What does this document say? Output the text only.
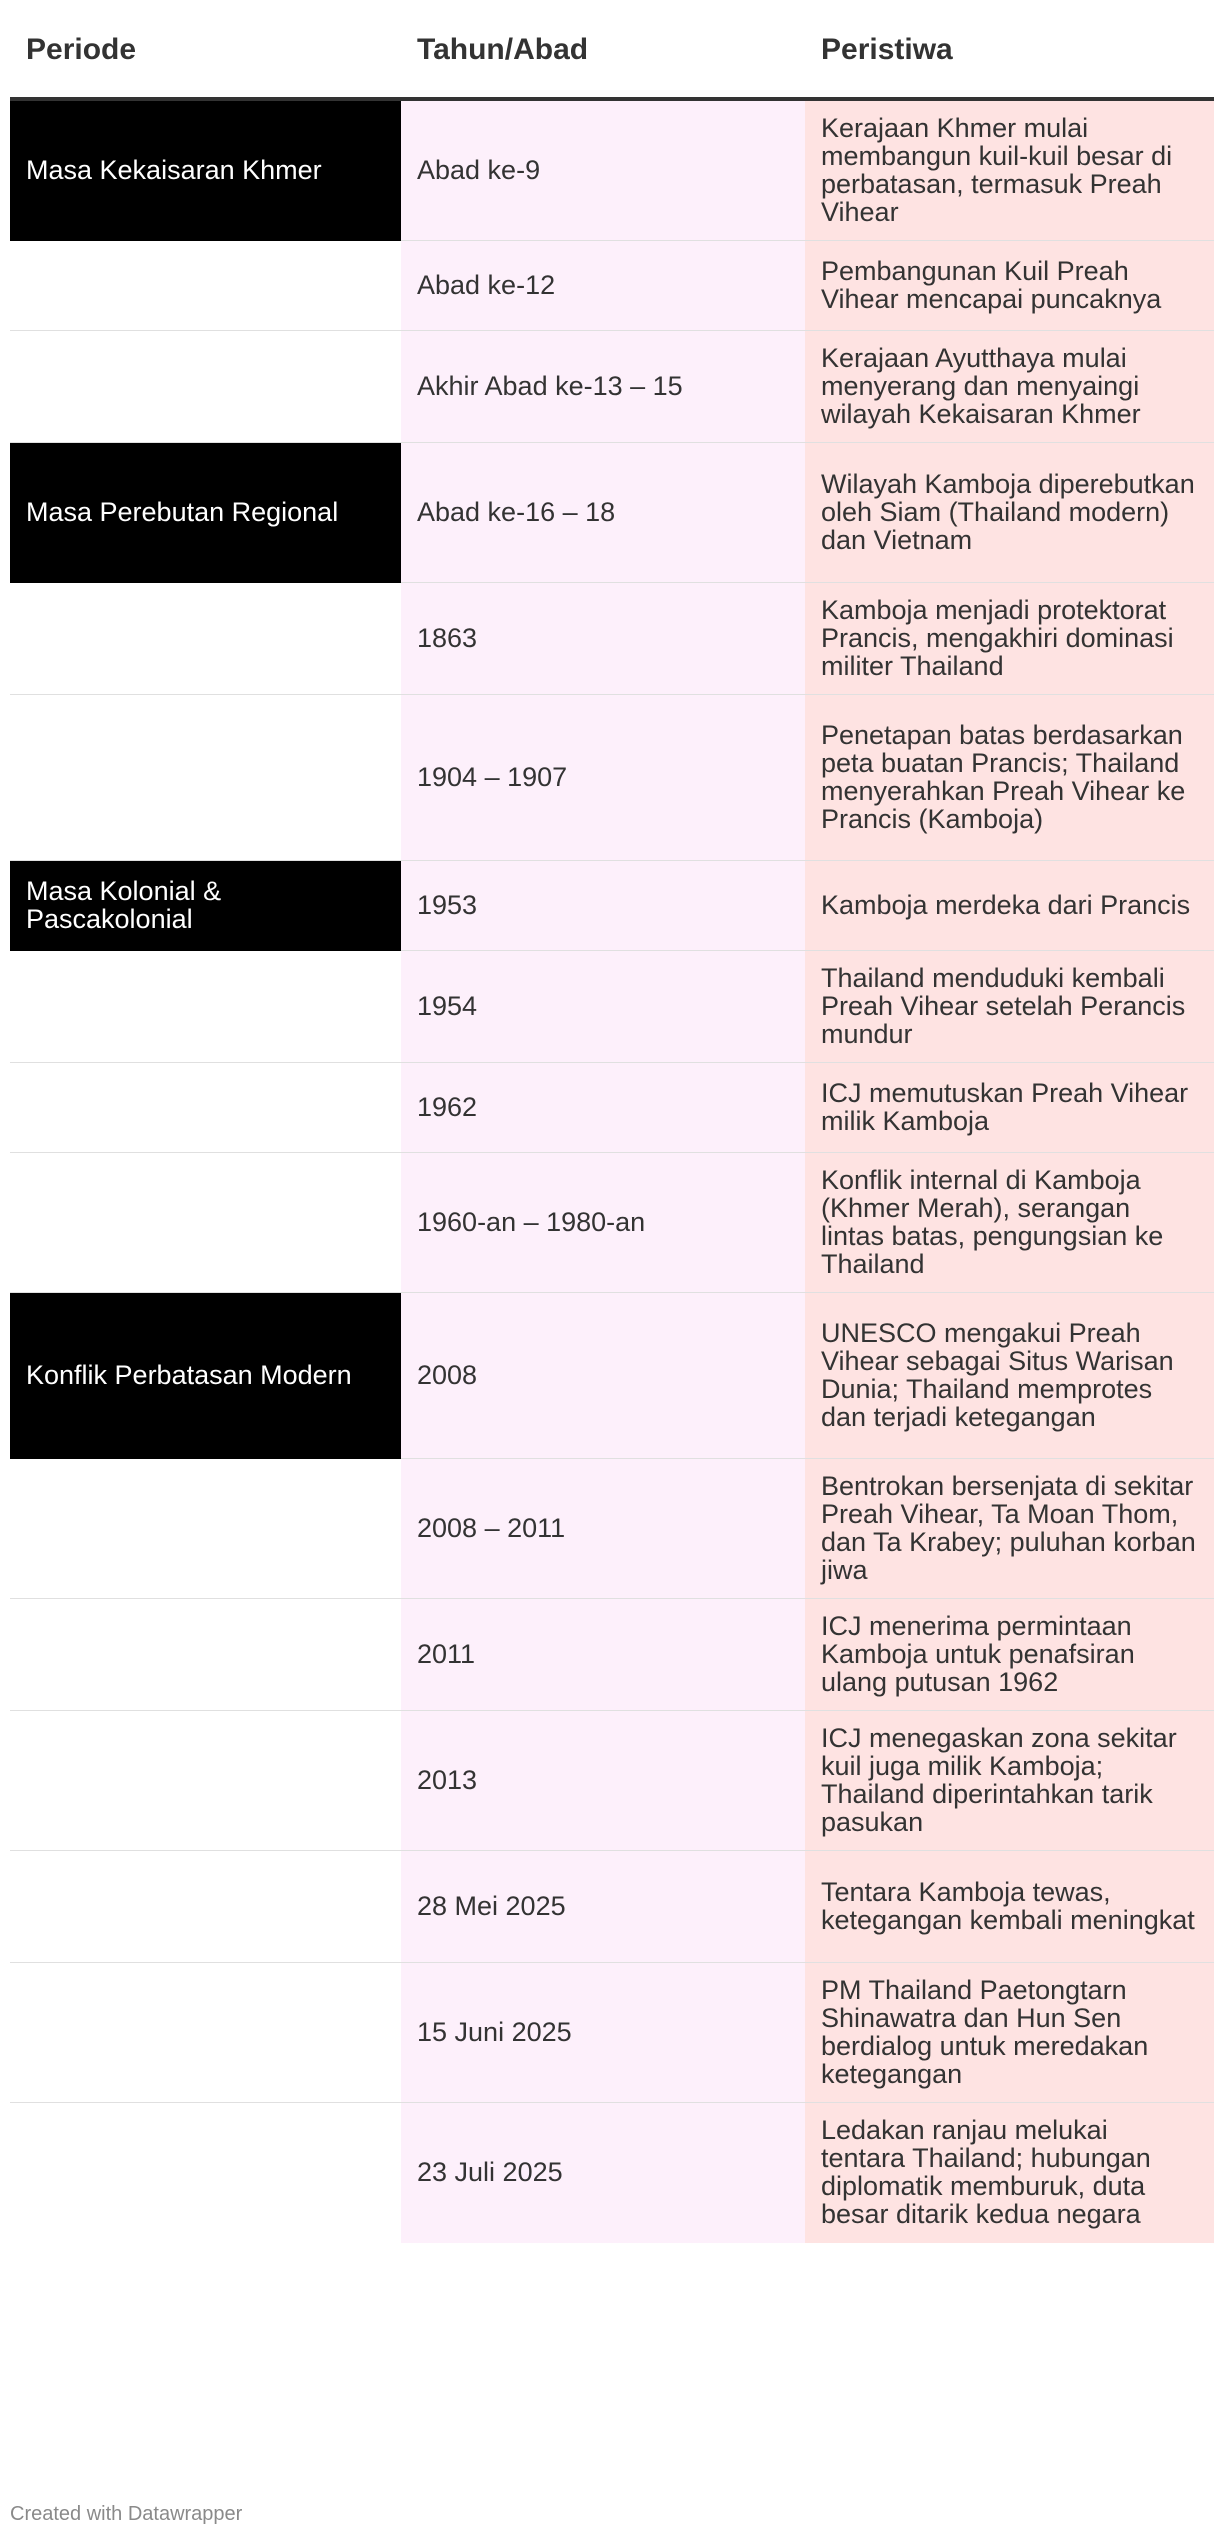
Periode	Tahun/Abad	Peristiwa
Masa Kekaisaran Khmer	Abad ke-9	Kerajaan Khmer mulai membangun kuil-kuil besar di perbatasan, termasuk Preah Vihear
	Abad ke-12	Pembangunan Kuil Preah Vihear mencapai puncaknya
	Akhir Abad ke-13 – 15	Kerajaan Ayutthaya mulai menyerang dan menyaingi wilayah Kekaisaran Khmer
Masa Perebutan Regional	Abad ke-16 – 18	Wilayah Kamboja diperebutkan oleh Siam (Thailand modern) dan Vietnam
	1863	Kamboja menjadi protektorat Prancis, mengakhiri dominasi militer Thailand
	1904 – 1907	Penetapan batas berdasarkan peta buatan Prancis; Thailand menyerahkan Preah Vihear ke Prancis (Kamboja)
Masa Kolonial & Pascakolonial	1953	Kamboja merdeka dari Prancis
	1954	Thailand menduduki kembali Preah Vihear setelah Perancis mundur
	1962	ICJ memutuskan Preah Vihear milik Kamboja
	1960-an – 1980-an	Konflik internal di Kamboja (Khmer Merah), serangan lintas batas, pengungsian ke Thailand
Konflik Perbatasan Modern	2008	UNESCO mengakui Preah Vihear sebagai Situs Warisan Dunia; Thailand memprotes dan terjadi ketegangan
	2008 – 2011	Bentrokan bersenjata di sekitar Preah Vihear, Ta Moan Thom, dan Ta Krabey; puluhan korban jiwa
	2011	ICJ menerima permintaan Kamboja untuk penafsiran ulang putusan 1962
	2013	ICJ menegaskan zona sekitar kuil juga milik Kamboja; Thailand diperintahkan tarik pasukan
	28 Mei 2025	Tentara Kamboja tewas, ketegangan kembali meningkat
	15 Juni 2025	PM Thailand Paetongtarn Shinawatra dan Hun Sen berdialog untuk meredakan ketegangan
	23 Juli 2025	Ledakan ranjau melukai tentara Thailand; hubungan diplomatik memburuk, duta besar ditarik kedua negara
Created with Datawrapper
